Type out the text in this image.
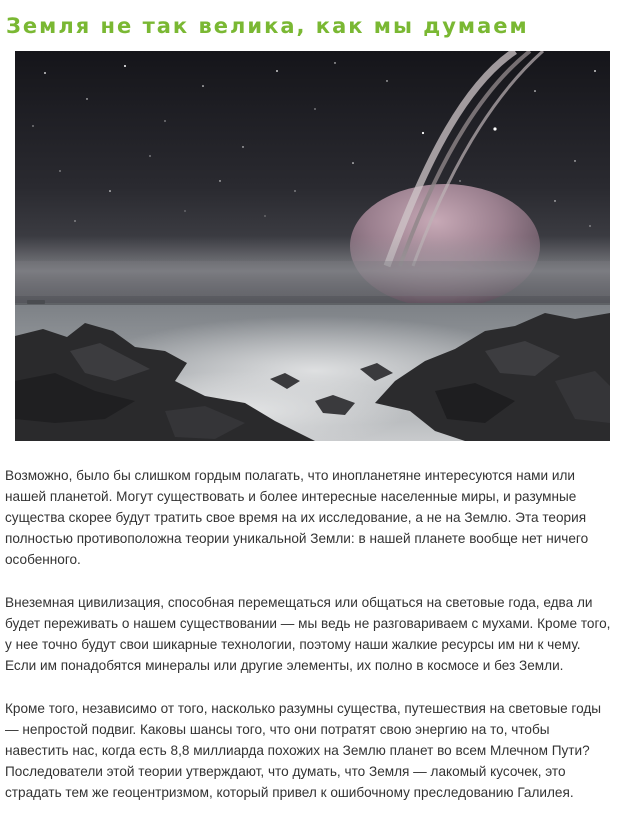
Земля не так велика, как мы думаем

Возможно, было бы слишком гордым полагать, что инопланетяне интересуются нами или нашей планетой. Могут существовать и более интересные населенные миры, и разумные существа скорее будут тратить свое время на их исследование, а не на Землю. Эта теория полностью противоположна теории уникальной Земли: в нашей планете вообще нет ничего особенного.

Внеземная цивилизация, способная перемещаться или общаться на световые года, едва ли будет переживать о нашем существовании — мы ведь не разговариваем с мухами. Кроме того, у нее точно будут свои шикарные технологии, поэтому наши жалкие ресурсы им ни к чему. Если им понадобятся минералы или другие элементы, их полно в космосе и без Земли.

Кроме того, независимо от того, насколько разумны существа, путешествия на световые годы — непростой подвиг. Каковы шансы того, что они потратят свою энергию на то, чтобы навестить нас, когда есть 8,8 миллиарда похожих на Землю планет во всем Млечном Пути? Последователи этой теории утверждают, что думать, что Земля — лакомый кусочек, это страдать тем же геоцентризмом, который привел к ошибочному преследованию Галилея.
